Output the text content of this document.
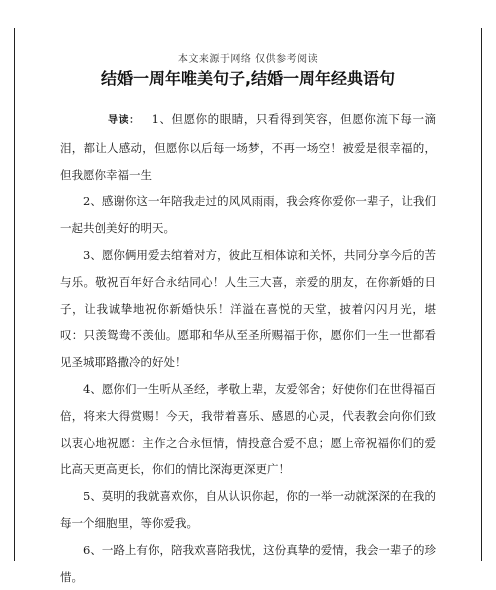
本文来源于网络 仅供参考阅读
结婚一周年唯美句子,结婚一周年经典语句

导读： 1、但愿你的眼睛，只看得到笑容，但愿你流下每一滴泪，都让人感动，但愿你以后每一场梦，不再一场空！被爱是很幸福的，但我愿你幸福一生

2、感谢你这一年陪我走过的风风雨雨，我会疼你爱你一辈子，让我们一起共创美好的明天。

3、愿你俩用爱去绾着对方，彼此互相体谅和关怀，共同分享今后的苦与乐。敬祝百年好合永结同心！人生三大喜，亲爱的朋友，在你新婚的日子，让我诚挚地祝你新婚快乐！洋溢在喜悦的天堂，披着闪闪月光，堪叹：只羡鸳鸯不羡仙。愿耶和华从至圣所赐福于你，愿你们一生一世都看见圣城耶路撒冷的好处！

4、愿你们一生听从圣经，孝敬上辈，友爱邻舍；好使你们在世得福百倍，将来大得赏赐！今天，我带着喜乐、感恩的心灵，代表教会向你们致以衷心地祝愿：主作之合永恒情，情投意合爱不息；愿上帝祝福你们的爱比高天更高更长，你们的情比深海更深更广！

5、莫明的我就喜欢你，自从认识你起，你的一举一动就深深的在我的每一个细胞里，等你爱我。

6、一路上有你，陪我欢喜陪我忧，这份真挚的爱情，我会一辈子的珍惜。
